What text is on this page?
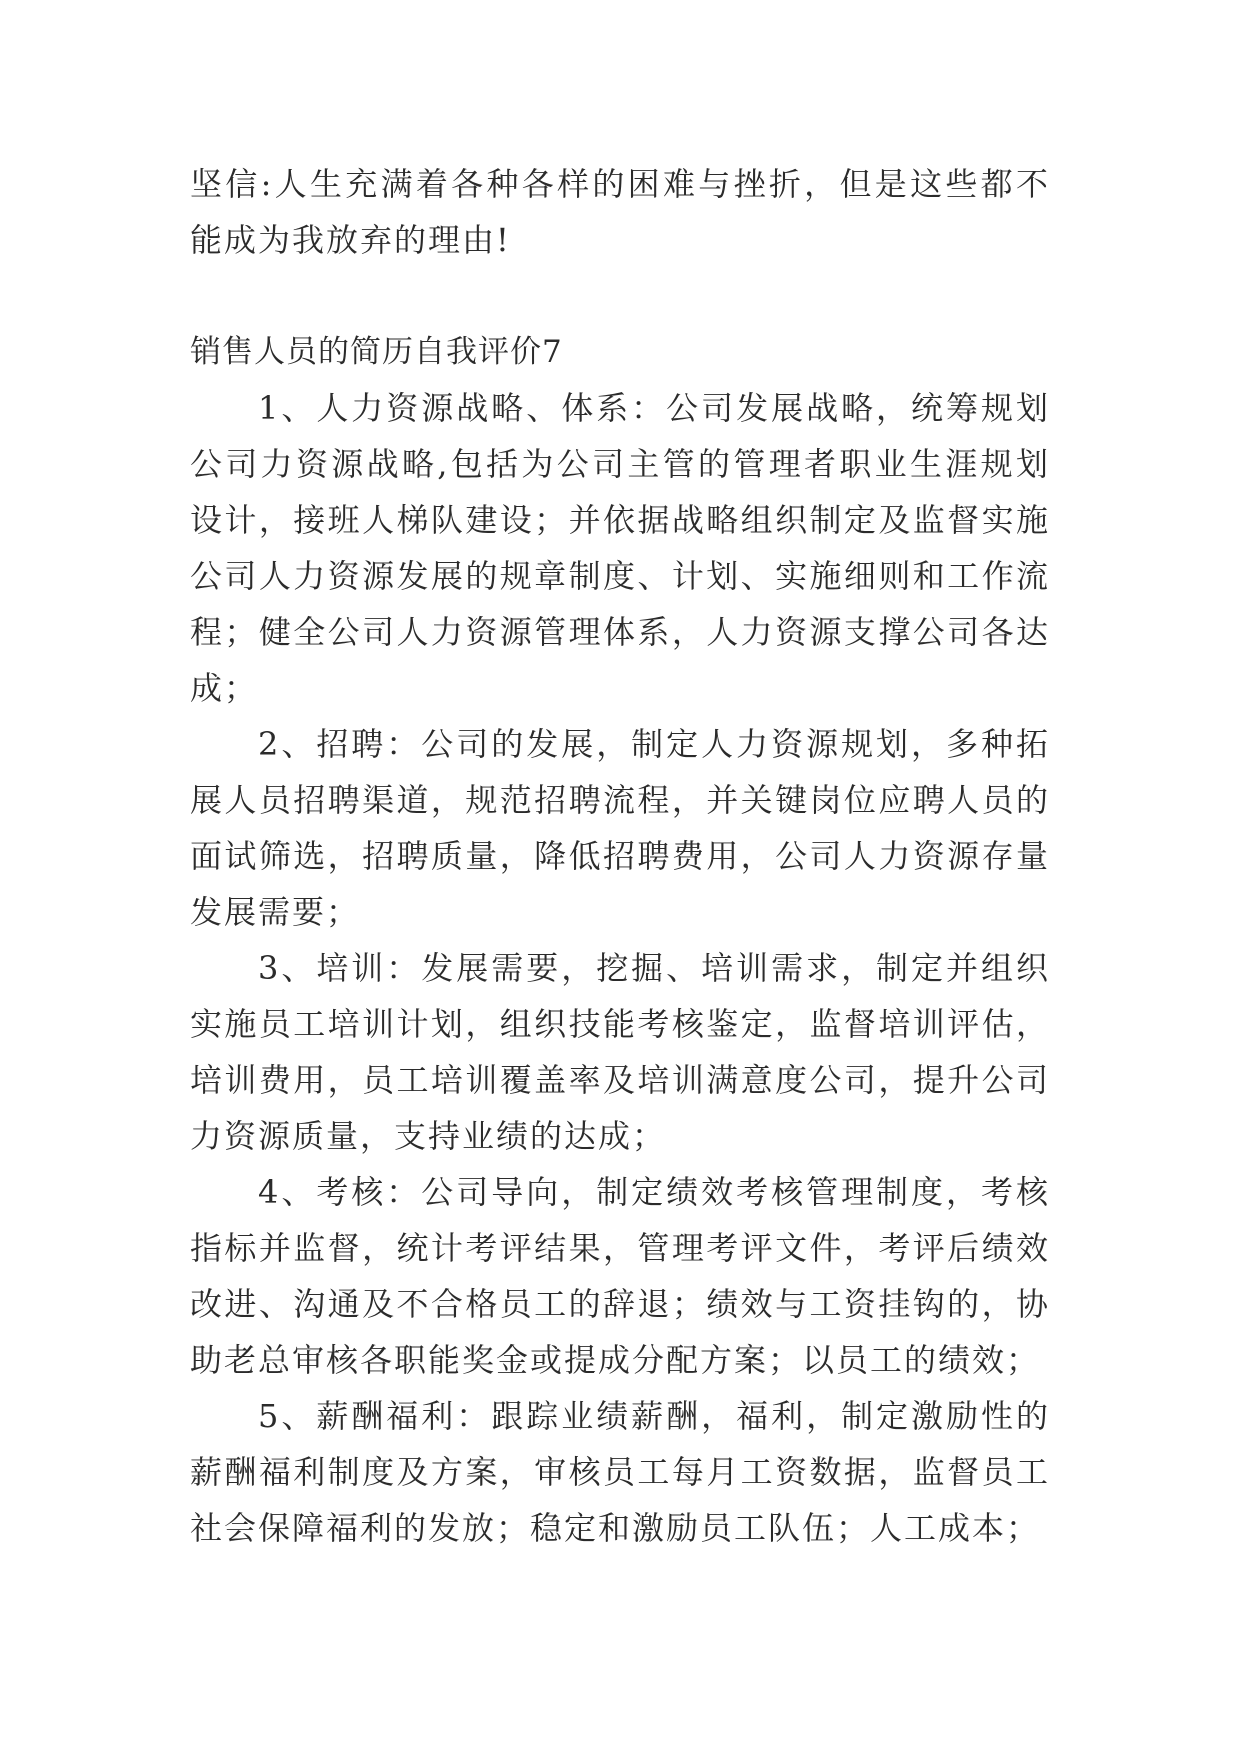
坚信:人生充满着各种各样的困难与挫折，但是这些都不能成为我放弃的理由!

销售人员的简历自我评价7

1、人力资源战略、体系：公司发展战略，统筹规划公司力资源战略,包括为公司主管的管理者职业生涯规划设计，接班人梯队建设；并依据战略组织制定及监督实施公司人力资源发展的规章制度、计划、实施细则和工作流程；健全公司人力资源管理体系，人力资源支撑公司各达成；

2、招聘：公司的发展，制定人力资源规划，多种拓展人员招聘渠道，规范招聘流程，并关键岗位应聘人员的面试筛选，招聘质量，降低招聘费用，公司人力资源存量发展需要；

3、培训：发展需要，挖掘、培训需求，制定并组织实施员工培训计划，组织技能考核鉴定，监督培训评估，培训费用，员工培训覆盖率及培训满意度公司，提升公司力资源质量，支持业绩的达成；

4、考核：公司导向，制定绩效考核管理制度，考核指标并监督，统计考评结果，管理考评文件，考评后绩效改进、沟通及不合格员工的辞退；绩效与工资挂钩的，协助老总审核各职能奖金或提成分配方案；以员工的绩效；

5、薪酬福利：跟踪业绩薪酬，福利，制定激励性的薪酬福利制度及方案，审核员工每月工资数据，监督员工社会保障福利的发放；稳定和激励员工队伍；人工成本；
